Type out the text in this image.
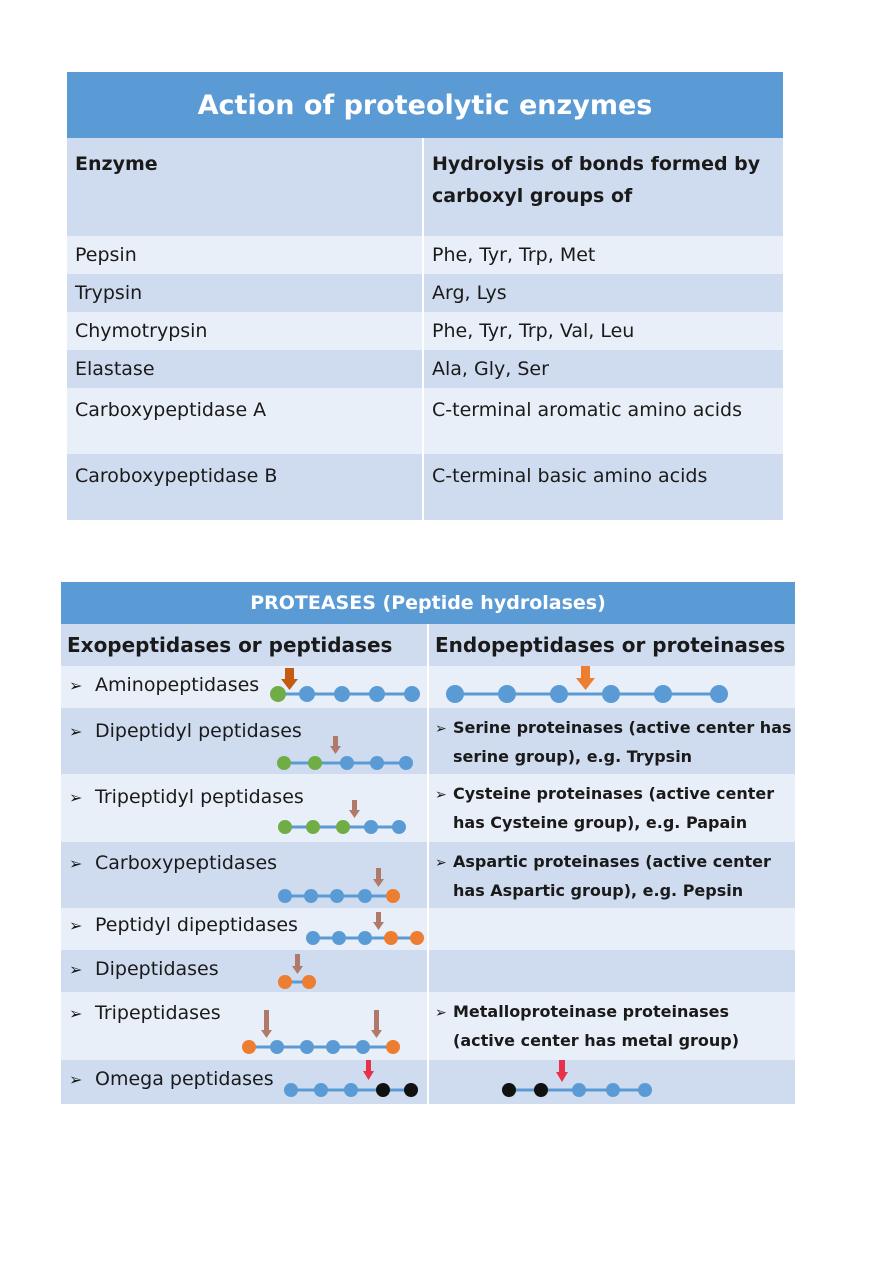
Action of proteolytic enzymes
Enzyme	Hydrolysis of bonds formed by
carboxyl groups of
Pepsin	Phe, Tyr, Trp, Met
Trypsin	Arg, Lys
Chymotrypsin	Phe, Tyr, Trp, Val, Leu
Elastase	Ala, Gly, Ser
Carboxypeptidase A	C-terminal aromatic amino acids
Caroboxypeptidase B	C-terminal basic amino acids
PROTEASES (Peptide hydrolases)
Exopeptidases or peptidases	Endopeptidases or proteinases
➢ Aminopeptidases
➢ Dipeptidyl peptidases	➢ Serine proteinases (active center has
serine group), e.g. Trypsin
➢ Tripeptidyl peptidases	➢ Cysteine proteinases (active center
has Cysteine group), e.g. Papain
➢ Carboxypeptidases	➢ Aspartic proteinases (active center
has Aspartic group), e.g. Pepsin
➢ Peptidyl dipeptidases
➢ Dipeptidases
➢ Tripeptidases	➢ Metalloproteinase proteinases
(active center has metal group)
➢ Omega peptidases
